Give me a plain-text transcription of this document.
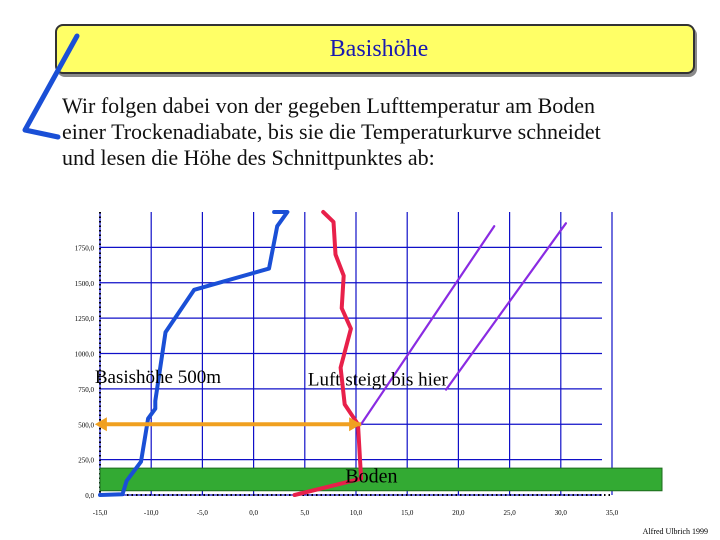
Basishöhe

Wir folgen dabei von der gegeben Lufttemperatur am Boden
einer Trockenadiabate, bis sie die Temperaturkurve schneidet
und lesen die Höhe des Schnittpunktes ab:

0,0
250,0
500,0
750,0
1000,0
1250,0
1500,0
1750,0
-15,0	-10,0	-5,0	0,0	5,0	10,0	15,0	20,0	25,0	30,0	35,0
Basishöhe 500m	Luft steigt bis hier
Boden
Alfred Ulbrich 1999
